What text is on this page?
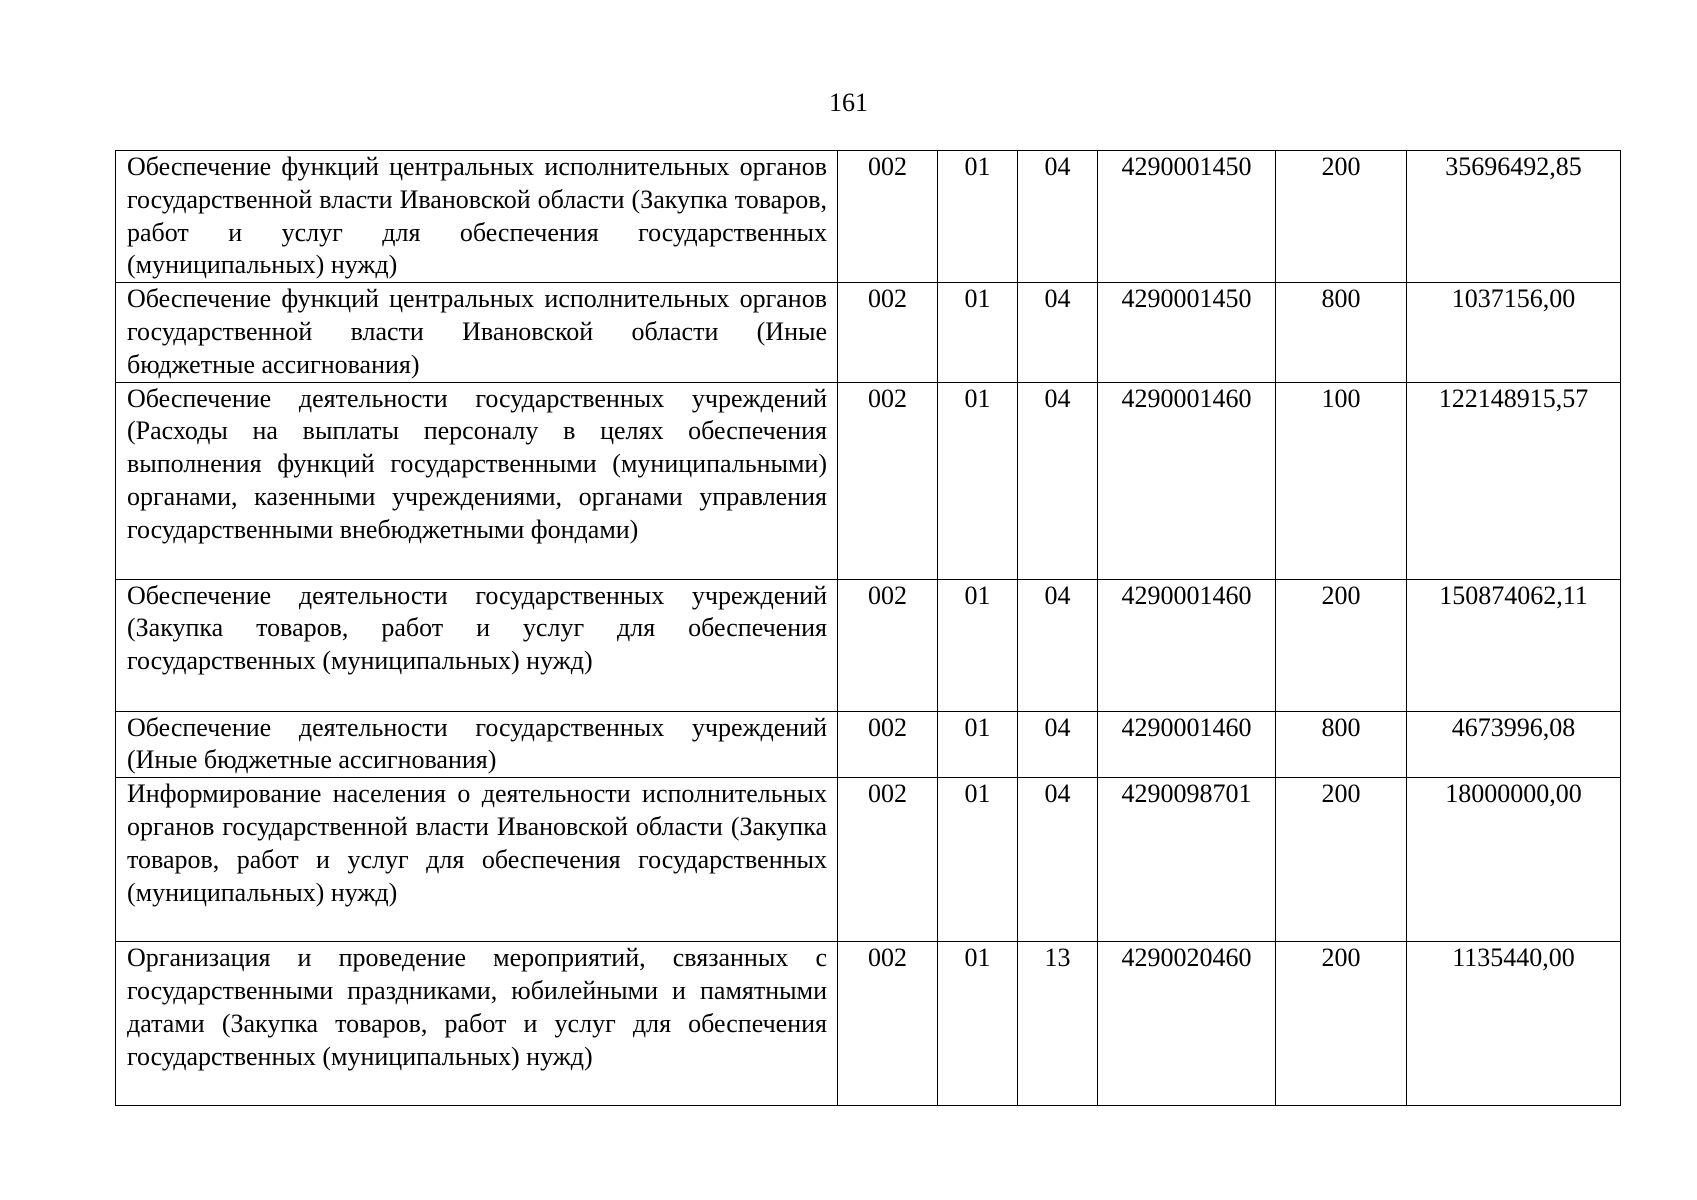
161
Обеспечение функций центральных исполнительных органов государственной власти Ивановской области (Закупка товаров, работ и услуг для обеспечения государственных (муниципальных) нужд)	002	01	04	4290001450	200	35696492,85
Обеспечение функций центральных исполнительных органов государственной власти Ивановской области (Иные бюджетные ассигнования)	002	01	04	4290001450	800	1037156,00
Обеспечение деятельности государственных учреждений (Расходы на выплаты персоналу в целях обеспечения выполнения функций государственными (муниципальными) органами, казенными учреждениями, органами управления государственными внебюджетными фондами)	002	01	04	4290001460	100	122148915,57
Обеспечение деятельности государственных учреждений (Закупка товаров, работ и услуг для обеспечения государственных (муниципальных) нужд)	002	01	04	4290001460	200	150874062,11
Обеспечение деятельности государственных учреждений (Иные бюджетные ассигнования)	002	01	04	4290001460	800	4673996,08
Информирование населения о деятельности исполнительных органов государственной власти Ивановской области (Закупка товаров, работ и услуг для обеспечения государственных (муниципальных) нужд)	002	01	04	4290098701	200	18000000,00
Организация и проведение мероприятий, связанных с государственными праздниками, юбилейными и памятными датами (Закупка товаров, работ и услуг для обеспечения государственных (муниципальных) нужд)	002	01	13	4290020460	200	1135440,00
